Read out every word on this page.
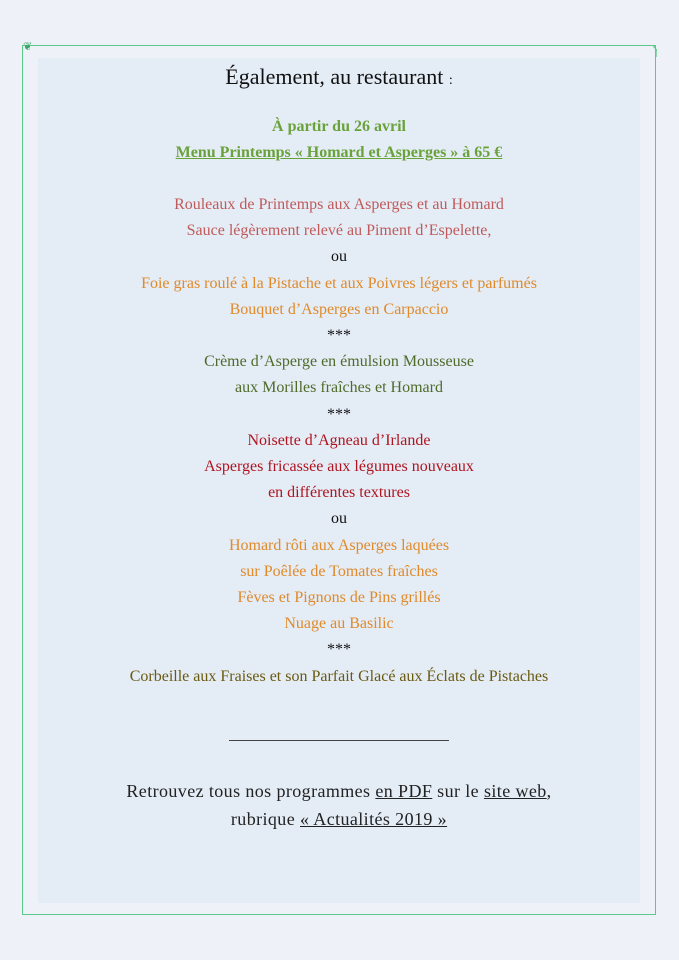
❦
Également, au restaurant :
À partir du 26 avril
Menu Printemps « Homard et Asperges » à 65 €
Rouleaux de Printemps aux Asperges et au Homard
Sauce légèrement relevé au Piment d’Espelette,
ou
Foie gras roulé à la Pistache et aux Poivres légers et parfumés
Bouquet d’Asperges en Carpaccio
***
Crème d’Asperge en émulsion Mousseuse
aux Morilles fraîches et Homard
***
Noisette d’Agneau d’Irlande
Asperges fricassée aux légumes nouveaux
en différentes textures
ou
Homard rôti aux Asperges laquées
sur Poêlée de Tomates fraîches
Fèves et Pignons de Pins grillés
Nuage au Basilic
***
Corbeille aux Fraises et son Parfait Glacé aux Éclats de Pistaches
Retrouvez tous nos programmes en PDF sur le site web,
rubrique « Actualités 2019 »
